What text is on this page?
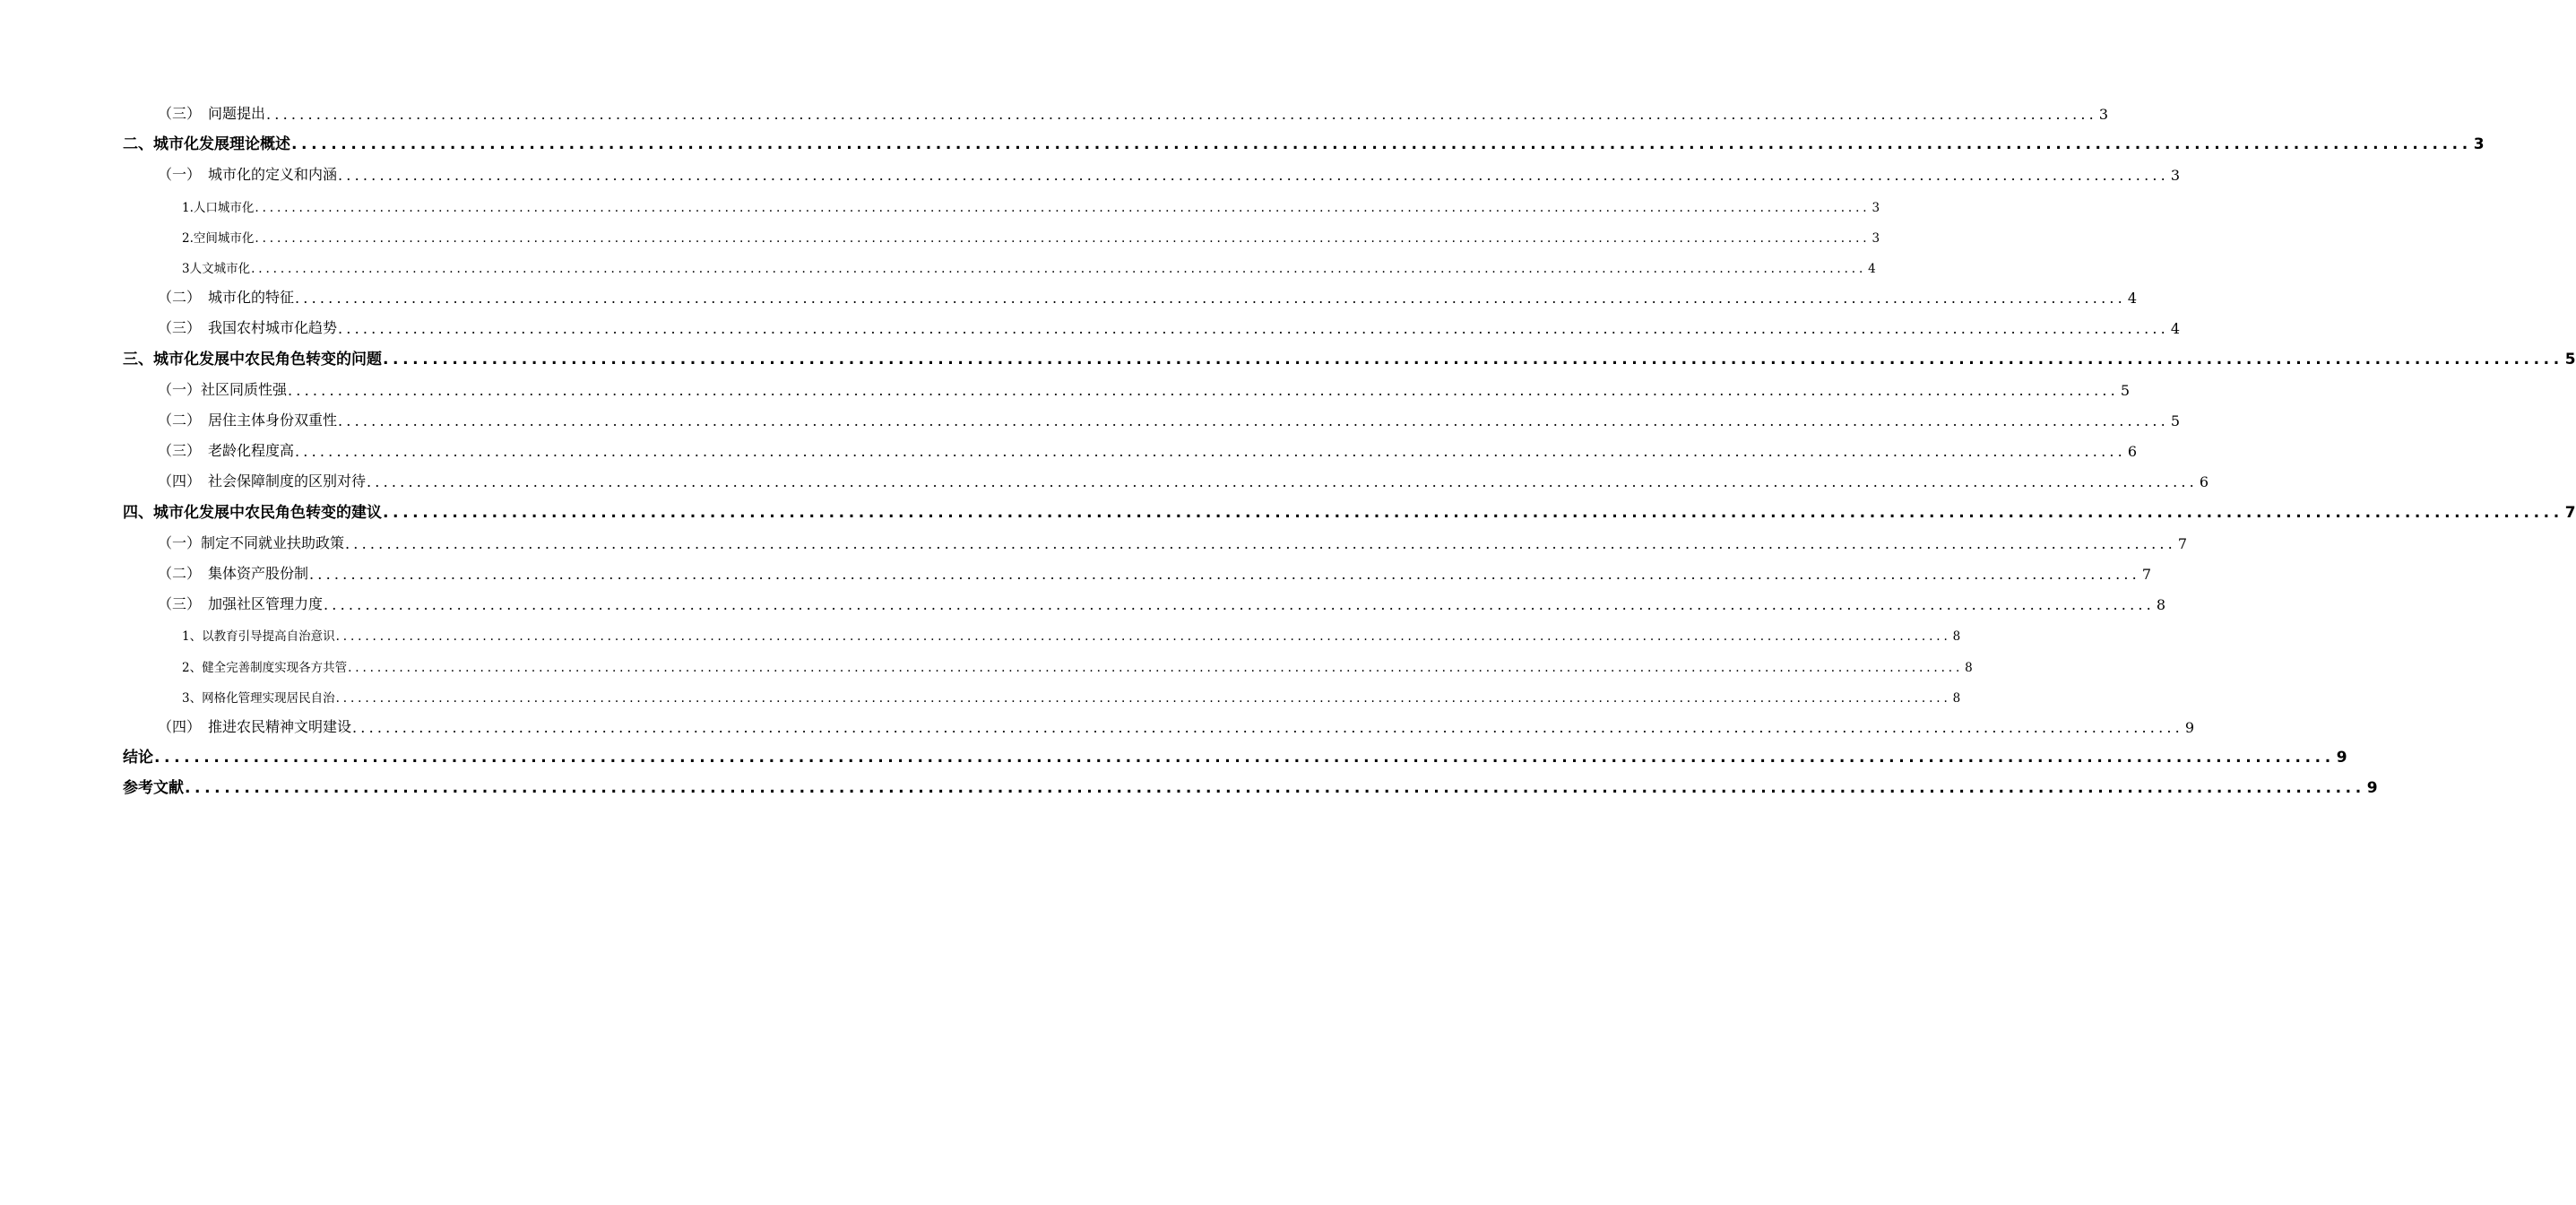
（三）　问题提出 ............................................................................................................................................................................................................................ 3
二、城市化发展理论概述 ............................................................................................................................................................................................................................ 3
（一）　城市化的定义和内涵 ............................................................................................................................................................................................................................ 3
1.人口城市化 ............................................................................................................................................................................................................................ 3
2.空间城市化 ............................................................................................................................................................................................................................ 3
3人文城市化 ............................................................................................................................................................................................................................ 4
（二）　城市化的特征 ............................................................................................................................................................................................................................ 4
（三）　我国农村城市化趋势 ............................................................................................................................................................................................................................ 4
三、城市化发展中农民角色转变的问题 ............................................................................................................................................................................................................................ 5
（一）社区同质性强 ............................................................................................................................................................................................................................ 5
（二）　居住主体身份双重性 ............................................................................................................................................................................................................................ 5
（三）　老龄化程度高 ............................................................................................................................................................................................................................ 6
（四）　社会保障制度的区别对待 ............................................................................................................................................................................................................................ 6
四、城市化发展中农民角色转变的建议 ............................................................................................................................................................................................................................ 7
（一）制定不同就业扶助政策 ............................................................................................................................................................................................................................ 7
（二）　集体资产股份制 ............................................................................................................................................................................................................................ 7
（三）　加强社区管理力度 ............................................................................................................................................................................................................................ 8
1、以教育引导提高自治意识 ............................................................................................................................................................................................................................ 8
2、健全完善制度实现各方共管 ............................................................................................................................................................................................................................ 8
3、网格化管理实现居民自治 ............................................................................................................................................................................................................................ 8
（四）　推进农民精神文明建设 ............................................................................................................................................................................................................................ 9
结论 ............................................................................................................................................................................................................................ 9
参考文献 ............................................................................................................................................................................................................................ 9
